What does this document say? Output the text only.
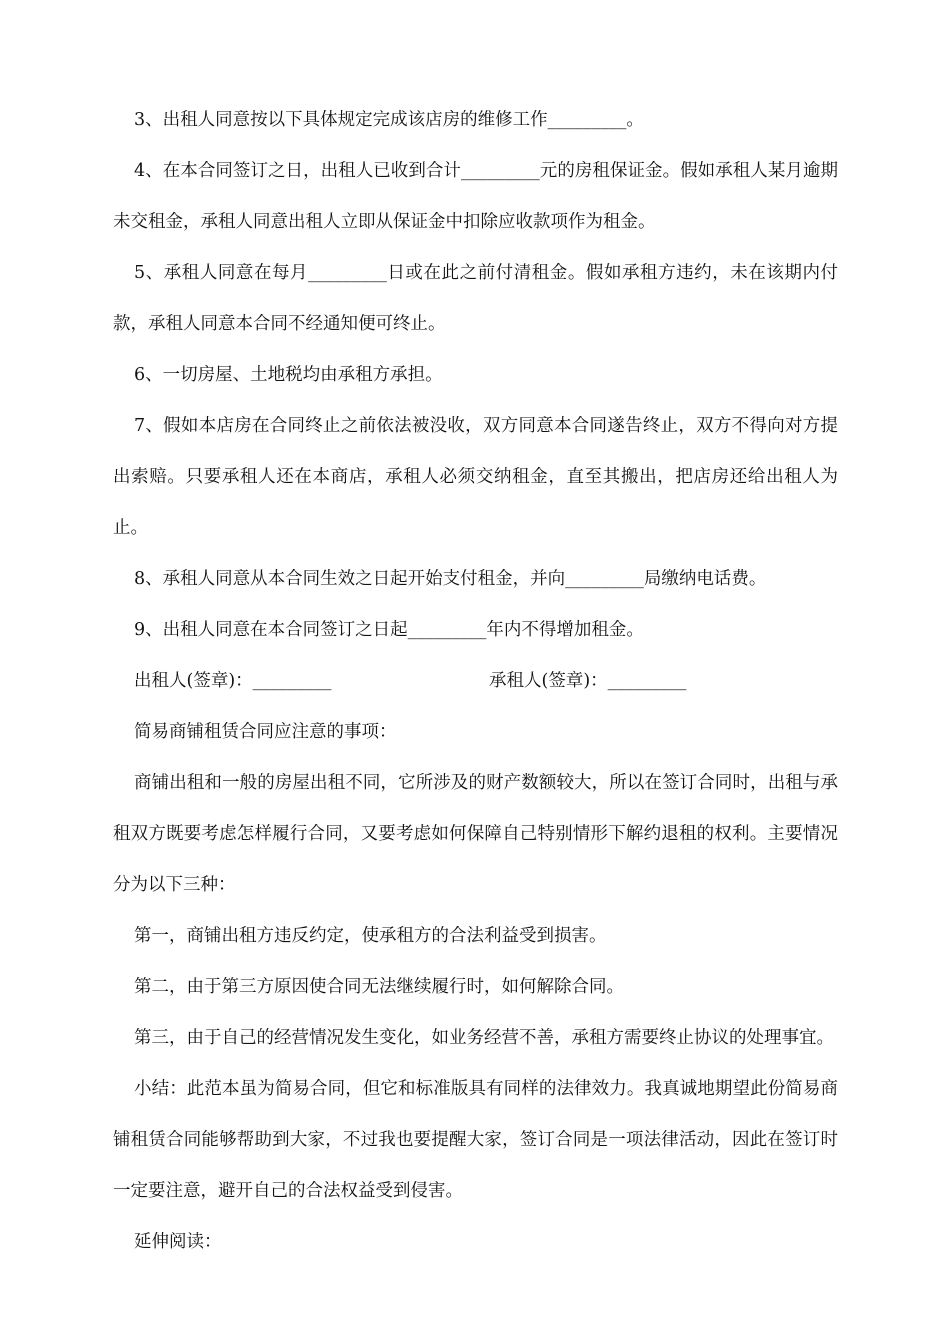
3、出租人同意按以下具体规定完成该店房的维修工作_________。

4、在本合同签订之日，出租人已收到合计_________元的房租保证金。假如承租人某月逾期未交租金，承租人同意出租人立即从保证金中扣除应收款项作为租金。

5、承租人同意在每月_________日或在此之前付清租金。假如承租方违约，未在该期内付款，承租人同意本合同不经通知便可终止。

6、一切房屋、土地税均由承租方承担。

7、假如本店房在合同终止之前依法被没收，双方同意本合同遂告终止，双方不得向对方提出索赔。只要承租人还在本商店，承租人必须交纳租金，直至其搬出，把店房还给出租人为止。

8、承租人同意从本合同生效之日起开始支付租金，并向_________局缴纳电话费。

9、出租人同意在本合同签订之日起_________年内不得增加租金。

出租人(签章)：_________	承租人(签章)：_________

简易商铺租赁合同应注意的事项：

商铺出租和一般的房屋出租不同，它所涉及的财产数额较大，所以在签订合同时，出租与承租双方既要考虑怎样履行合同，又要考虑如何保障自己特别情形下解约退租的权利。主要情况分为以下三种：

第一，商铺出租方违反约定，使承租方的合法利益受到损害。

第二，由于第三方原因使合同无法继续履行时，如何解除合同。

第三，由于自己的经营情况发生变化，如业务经营不善，承租方需要终止协议的处理事宜。

小结：此范本虽为简易合同，但它和标准版具有同样的法律效力。我真诚地期望此份简易商铺租赁合同能够帮助到大家，不过我也要提醒大家，签订合同是一项法律活动，因此在签订时一定要注意，避开自己的合法权益受到侵害。

延伸阅读：
